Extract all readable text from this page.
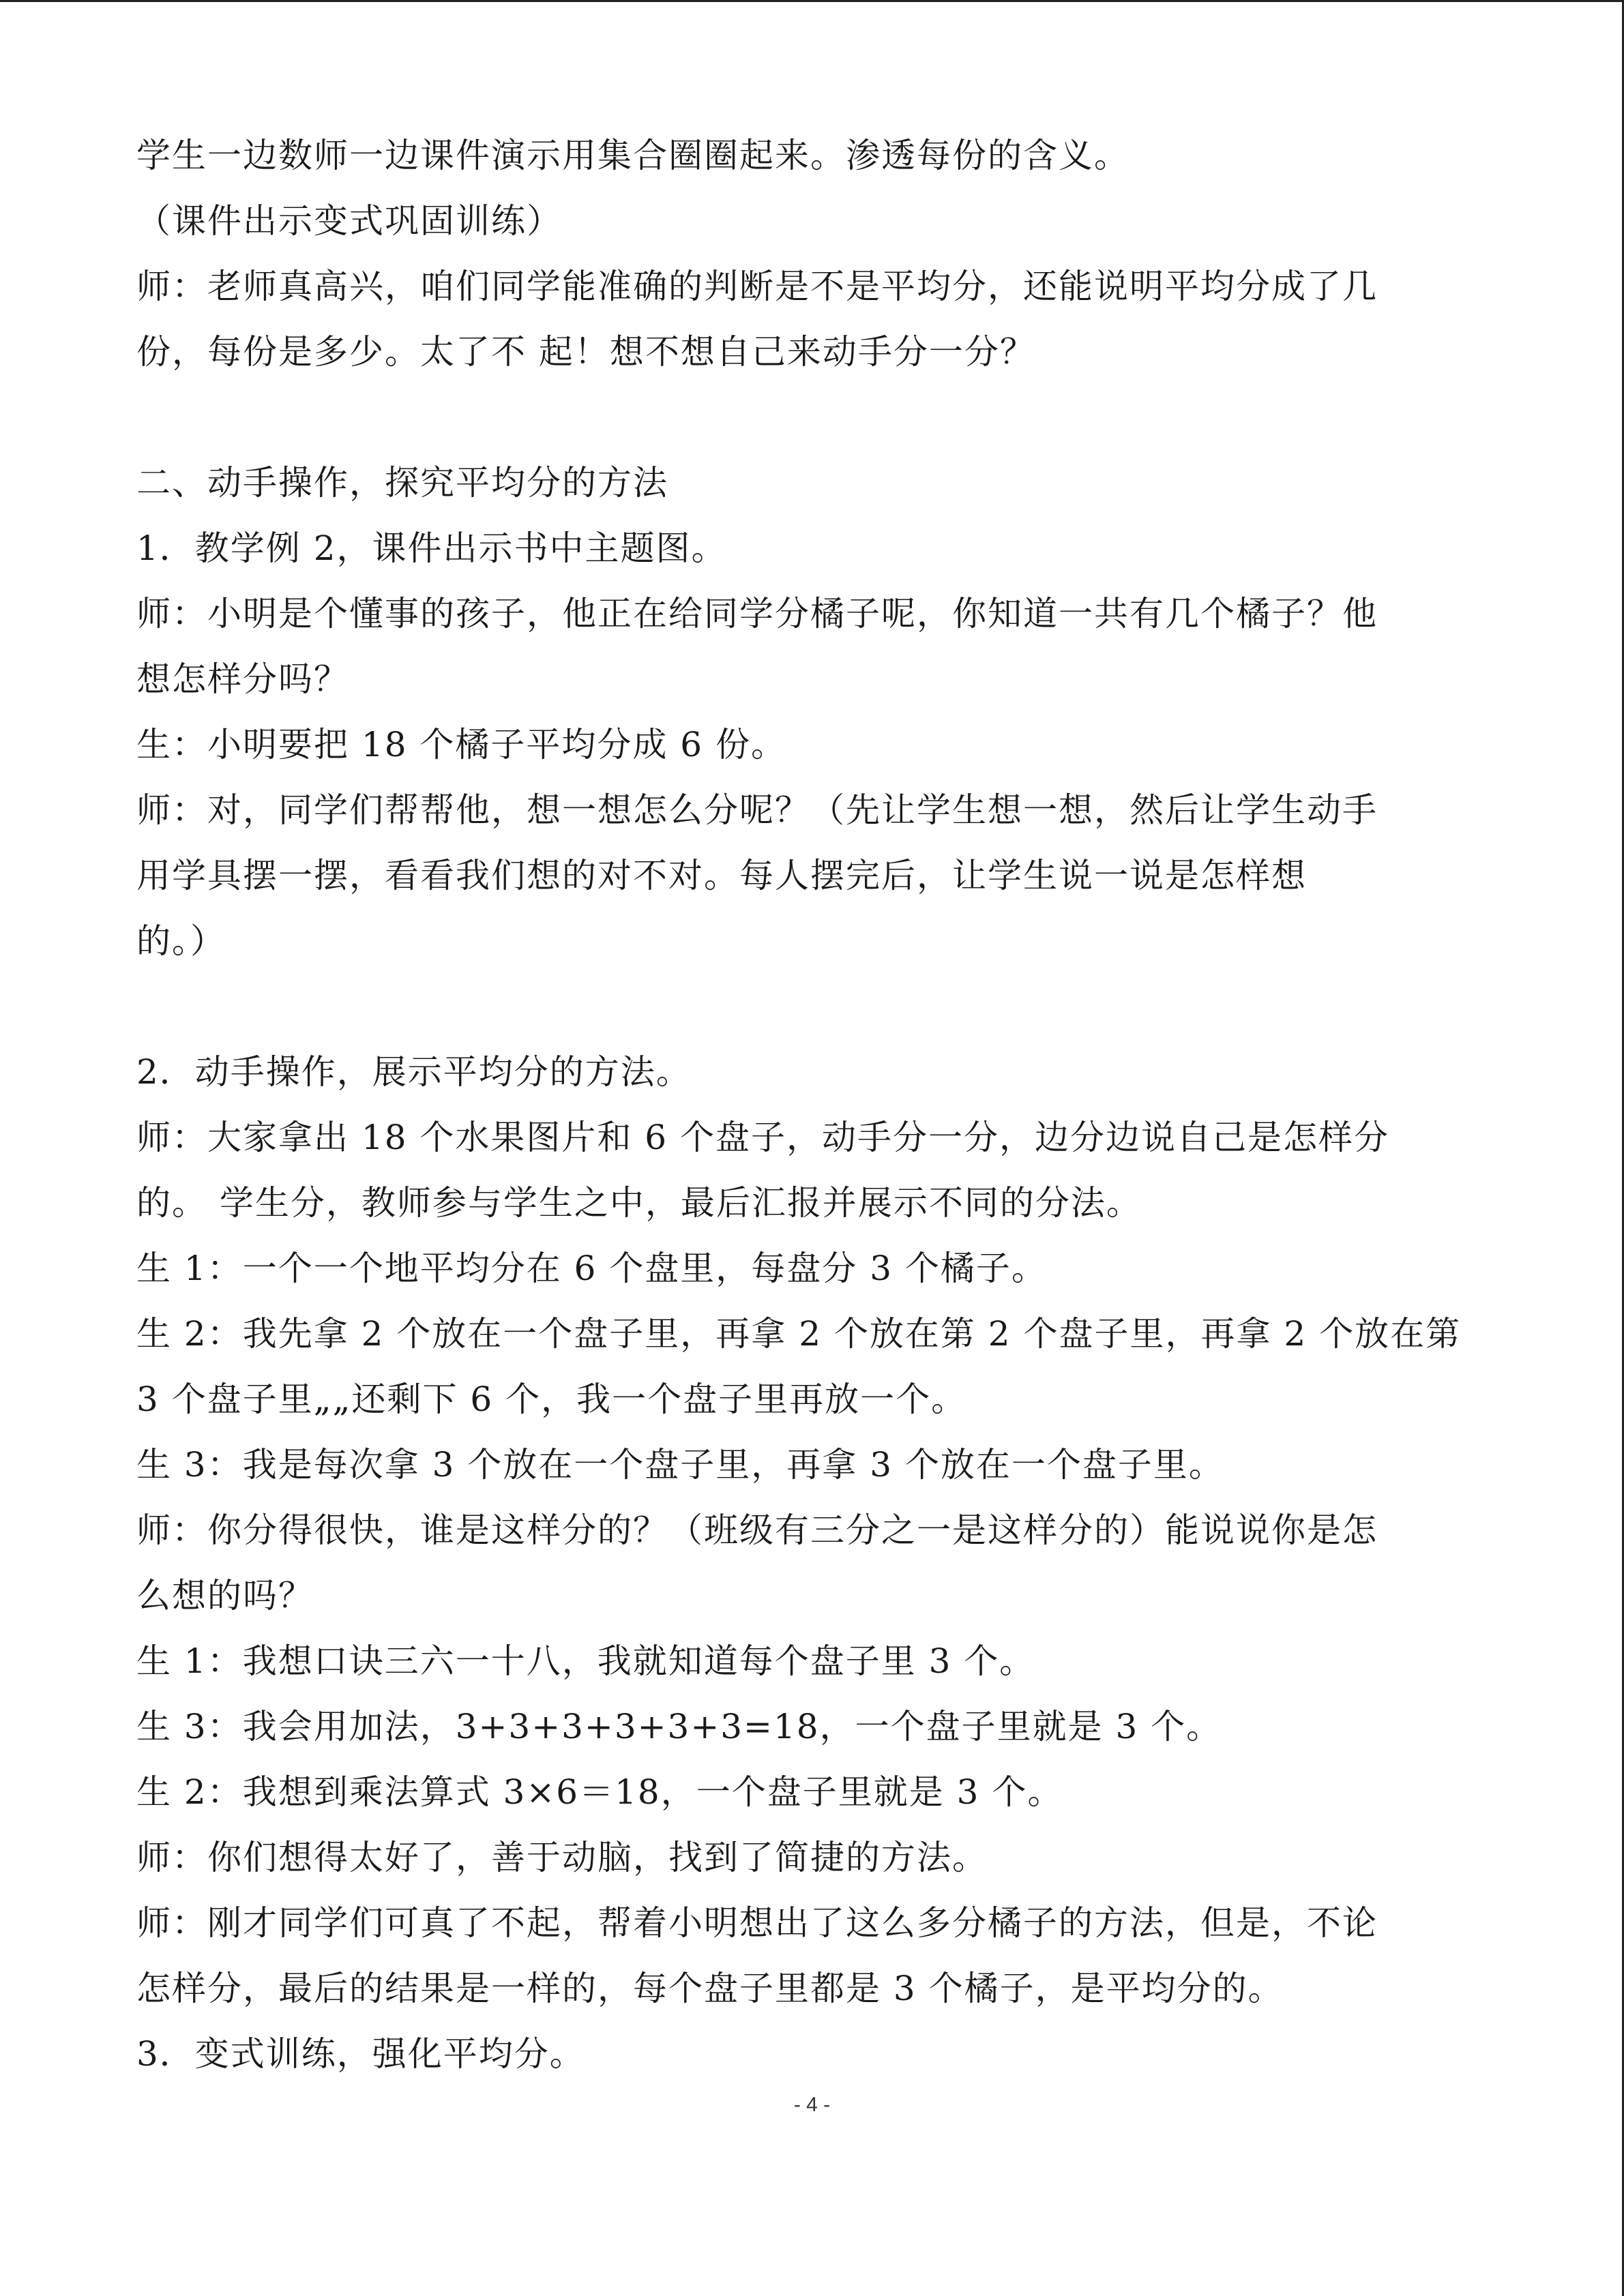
学生一边数师一边课件演示用集合圈圈起来。渗透每份的含义。
（课件出示变式巩固训练）
师：老师真高兴，咱们同学能准确的判断是不是平均分，还能说明平均分成了几
份，每份是多少。太了不 起！想不想自己来动手分一分？
二、动手操作，探究平均分的方法
1．教学例 2，课件出示书中主题图。
师：小明是个懂事的孩子，他正在给同学分橘子呢，你知道一共有几个橘子？他
想怎样分吗？
生：小明要把 18 个橘子平均分成 6 份。
师：对，同学们帮帮他，想一想怎么分呢？（先让学生想一想，然后让学生动手
用学具摆一摆，看看我们想的对不对。每人摆完后，让学生说一说是怎样想
的。）
2．动手操作，展示平均分的方法。
师：大家拿出 18 个水果图片和 6 个盘子，动手分一分，边分边说自己是怎样分
的。 学生分，教师参与学生之中，最后汇报并展示不同的分法。
生 1：一个一个地平均分在 6 个盘里，每盘分 3 个橘子。
生 2：我先拿 2 个放在一个盘子里，再拿 2 个放在第 2 个盘子里，再拿 2 个放在第
3 个盘子里„„还剩下 6 个，我一个盘子里再放一个。
生 3：我是每次拿 3 个放在一个盘子里，再拿 3 个放在一个盘子里。
师：你分得很快，谁是这样分的？（班级有三分之一是这样分的）能说说你是怎
么想的吗？
生 1：我想口诀三六一十八，我就知道每个盘子里 3 个。
生 3：我会用加法，3+3+3+3+3+3=18，一个盘子里就是 3 个。
生 2：我想到乘法算式 3×6＝18，一个盘子里就是 3 个。
师：你们想得太好了，善于动脑，找到了简捷的方法。
师：刚才同学们可真了不起，帮着小明想出了这么多分橘子的方法，但是，不论
怎样分，最后的结果是一样的，每个盘子里都是 3 个橘子，是平均分的。
3．变式训练，强化平均分。
- 4 -
